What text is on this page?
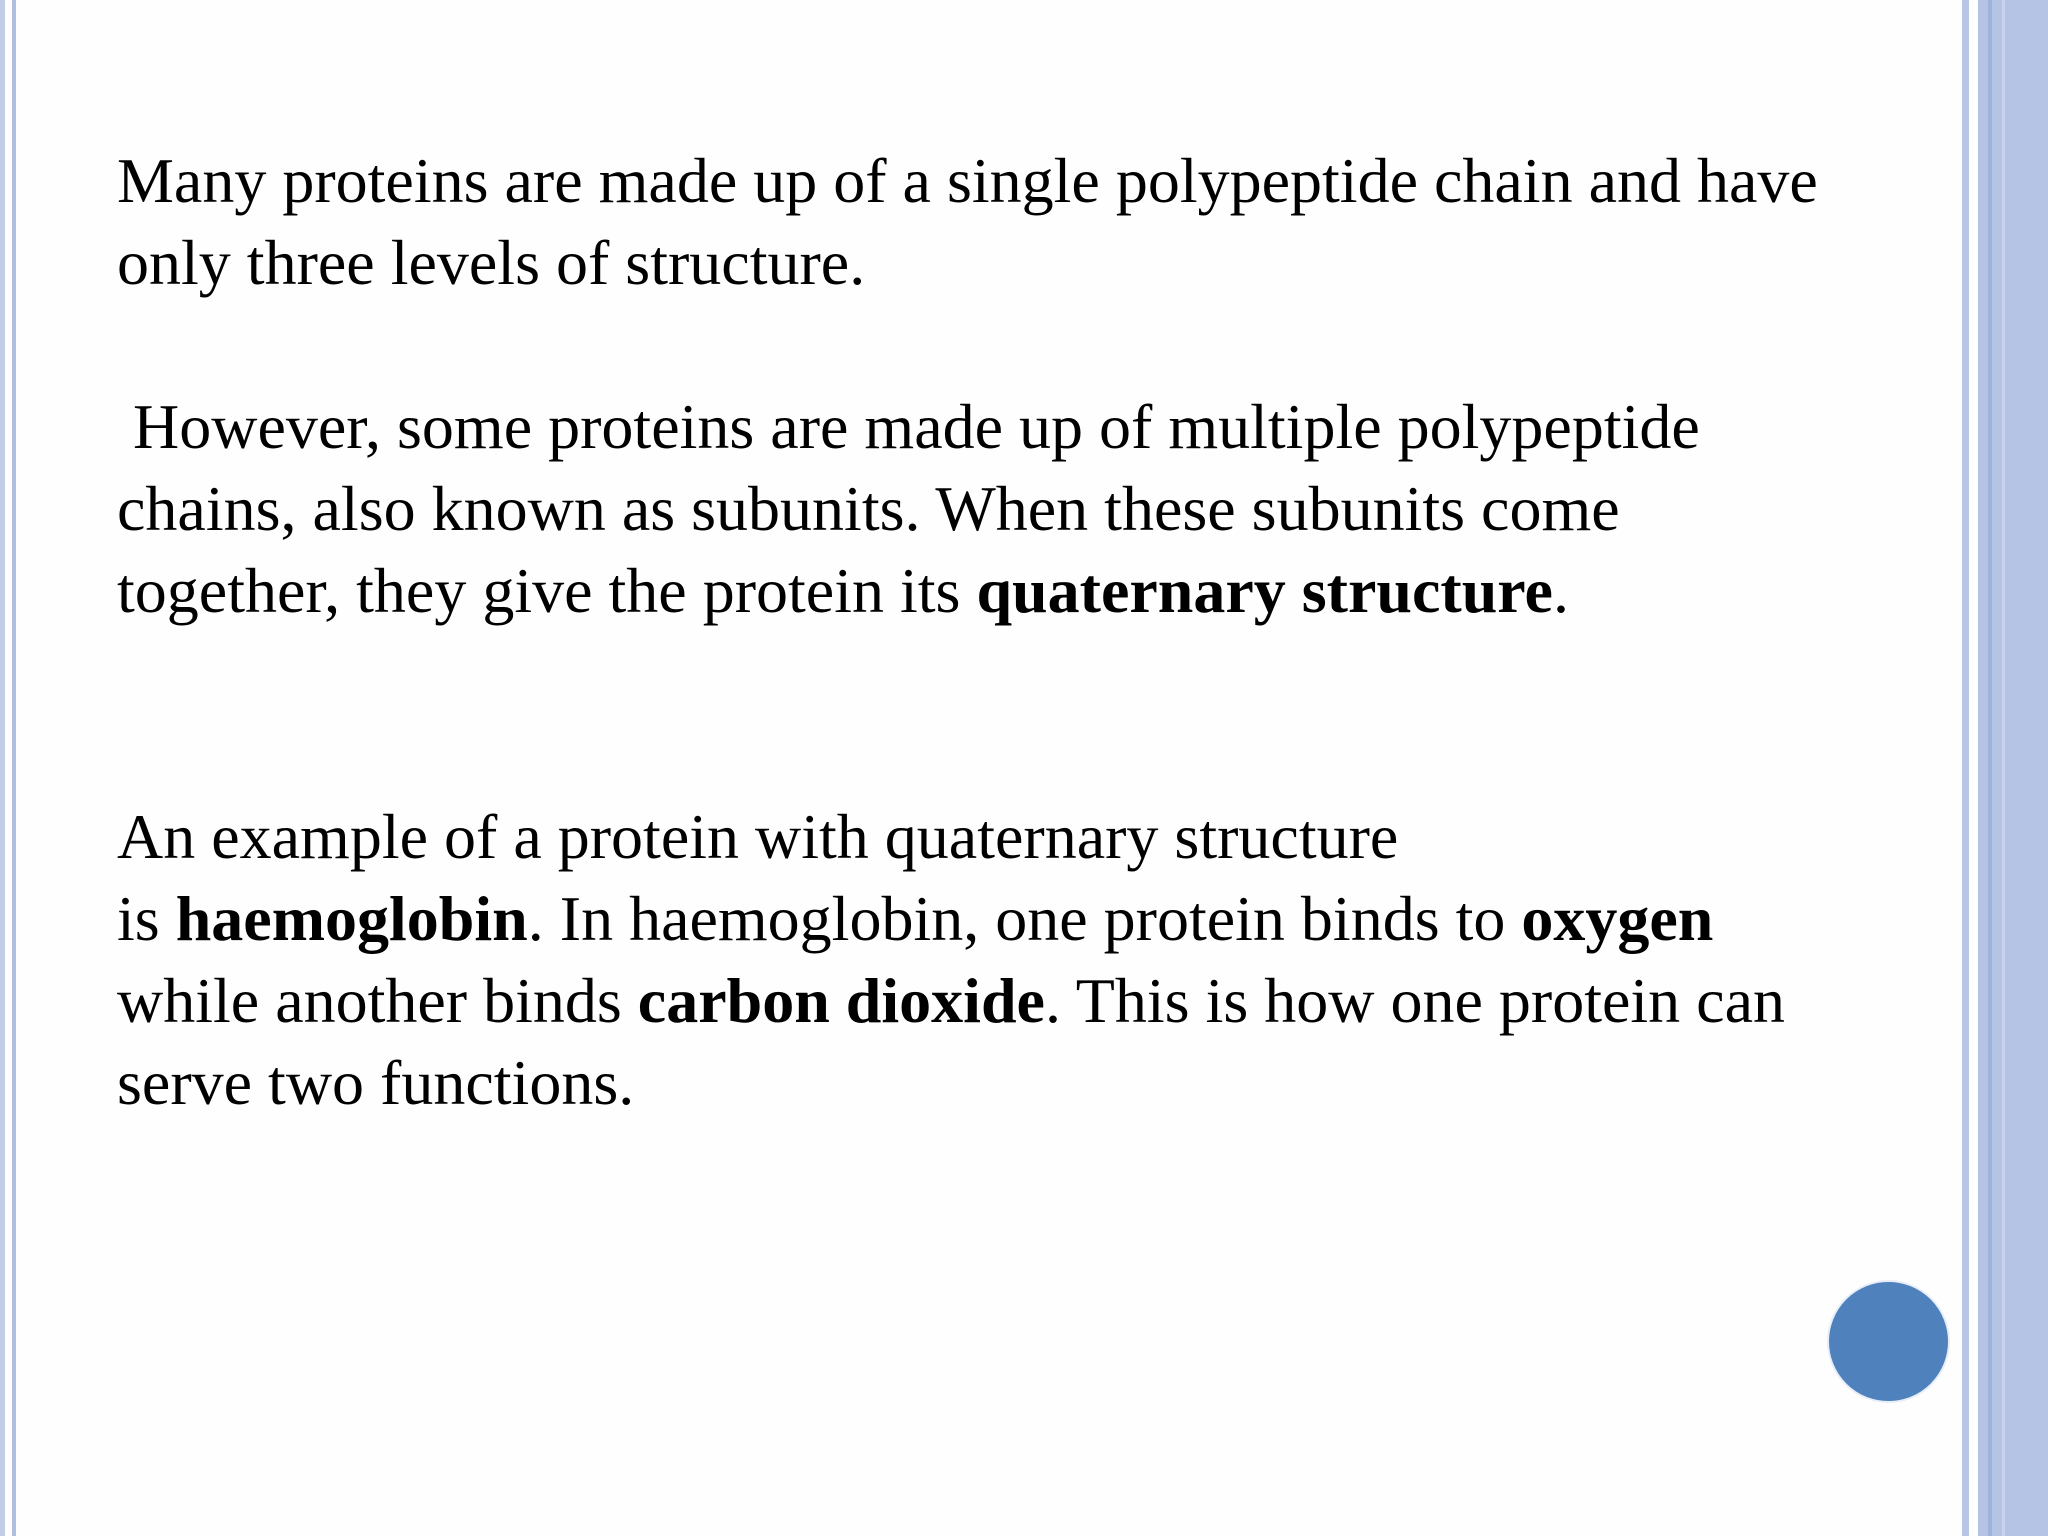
Many proteins are made up of a single polypeptide chain and have only three levels of structure.

However, some proteins are made up of multiple polypeptide chains, also known as subunits. When these subunits come together, they give the protein its quaternary structure.

An example of a protein with quaternary structure
is haemoglobin. In haemoglobin, one protein binds to oxygen while another binds carbon dioxide. This is how one protein can serve two functions.
